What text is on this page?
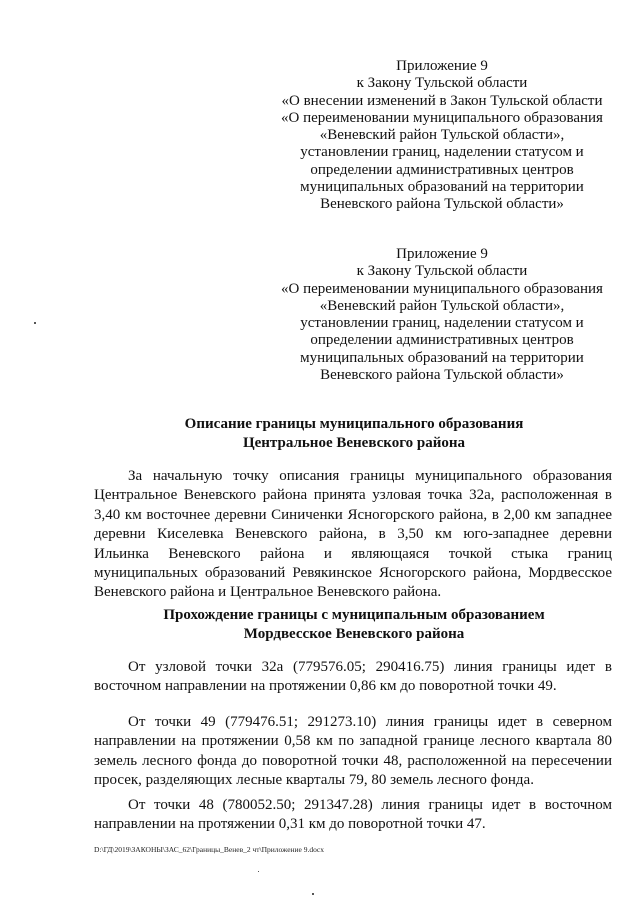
Приложение 9
к Закону Тульской области
«О внесении изменений в Закон Тульской области
«О переименовании муниципального образования
«Веневский район Тульской области»,
установлении границ, наделении статусом и
определении административных центров
муниципальных образований на территории
Веневского района Тульской области»
Приложение 9
к Закону Тульской области
«О переименовании муниципального образования
«Веневский район Тульской области»,
установлении границ, наделении статусом и
определении административных центров
муниципальных образований на территории
Веневского района Тульской области»
Описание границы муниципального образования
Центральное Веневского района
За начальную точку описания границы муниципального образования
Центральное Веневского района принята узловая точка 32а, расположенная в
3,40 км восточнее деревни Синиченки Ясногорского района, в 2,00 км западнее
деревни Киселевка Веневского района, в 3,50 км юго-западнее деревни
Ильинка Веневского района и являющаяся точкой стыка границ
муниципальных образований Ревякинское Ясногорского района, Мордвесское
Веневского района и Центральное Веневского района.
Прохождение границы с муниципальным образованием
Мордвесское Веневского района
От узловой точки 32а (779576.05; 290416.75) линия границы идет в
восточном направлении на протяжении 0,86 км до поворотной точки 49.
От точки 49 (779476.51; 291273.10) линия границы идет в северном
направлении на протяжении 0,58 км по западной границе лесного квартала 80
земель лесного фонда до поворотной точки 48, расположенной на пересечении
просек, разделяющих лесные кварталы 79, 80 земель лесного фонда.
От точки 48 (780052.50; 291347.28) линия границы идет в восточном
направлении на протяжении 0,31 км до поворотной точки 47.
D:\ГД\2019\ЗАКОНЫ\ЗАС_62\Границы_Венев_2 чт\Приложение 9.docx
